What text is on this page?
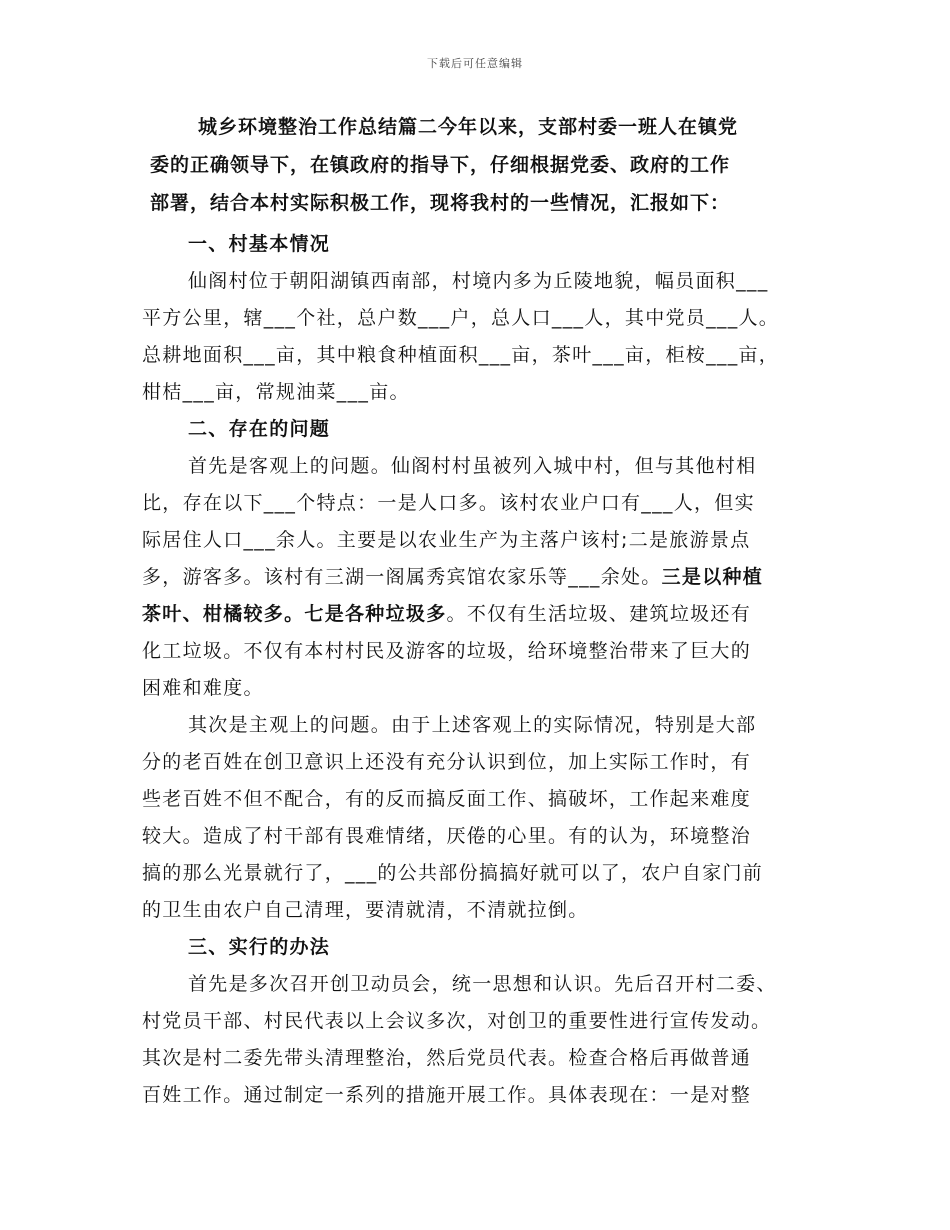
下载后可任意编辑
城乡环境整治工作总结篇二今年以来，支部村委一班人在镇党
委的正确领导下，在镇政府的指导下，仔细根据党委、政府的工作
部署，结合本村实际积极工作，现将我村的一些情况，汇报如下：
一、村基本情况
仙阁村位于朝阳湖镇西南部，村境内多为丘陵地貌，幅员面积___
平方公里，辖___个社，总户数___户，总人口___人，其中党员___人。
总耕地面积___亩，其中粮食种植面积___亩，茶叶___亩，柜桉___亩，
柑桔___亩，常规油菜___亩。
二、存在的问题
首先是客观上的问题。仙阁村村虽被列入城中村，但与其他村相
比，存在以下___个特点：一是人口多。该村农业户口有___人，但实
际居住人口___余人。主要是以农业生产为主落户该村;二是旅游景点
多，游客多。该村有三湖一阁属秀宾馆农家乐等___余处。三是以种植
茶叶、柑橘较多。七是各种垃圾多。不仅有生活垃圾、建筑垃圾还有
化工垃圾。不仅有本村村民及游客的垃圾，给环境整治带来了巨大的
困难和难度。
其次是主观上的问题。由于上述客观上的实际情况，特别是大部
分的老百姓在创卫意识上还没有充分认识到位，加上实际工作时，有
些老百姓不但不配合，有的反而搞反面工作、搞破坏，工作起来难度
较大。造成了村干部有畏难情绪，厌倦的心里。有的认为，环境整治
搞的那么光景就行了，___的公共部份搞搞好就可以了，农户自家门前
的卫生由农户自己清理，要清就清，不清就拉倒。
三、实行的办法
首先是多次召开创卫动员会，统一思想和认识。先后召开村二委、
村党员干部、村民代表以上会议多次，对创卫的重要性进行宣传发动。
其次是村二委先带头清理整治，然后党员代表。检查合格后再做普通
百姓工作。通过制定一系列的措施开展工作。具体表现在：一是对整
